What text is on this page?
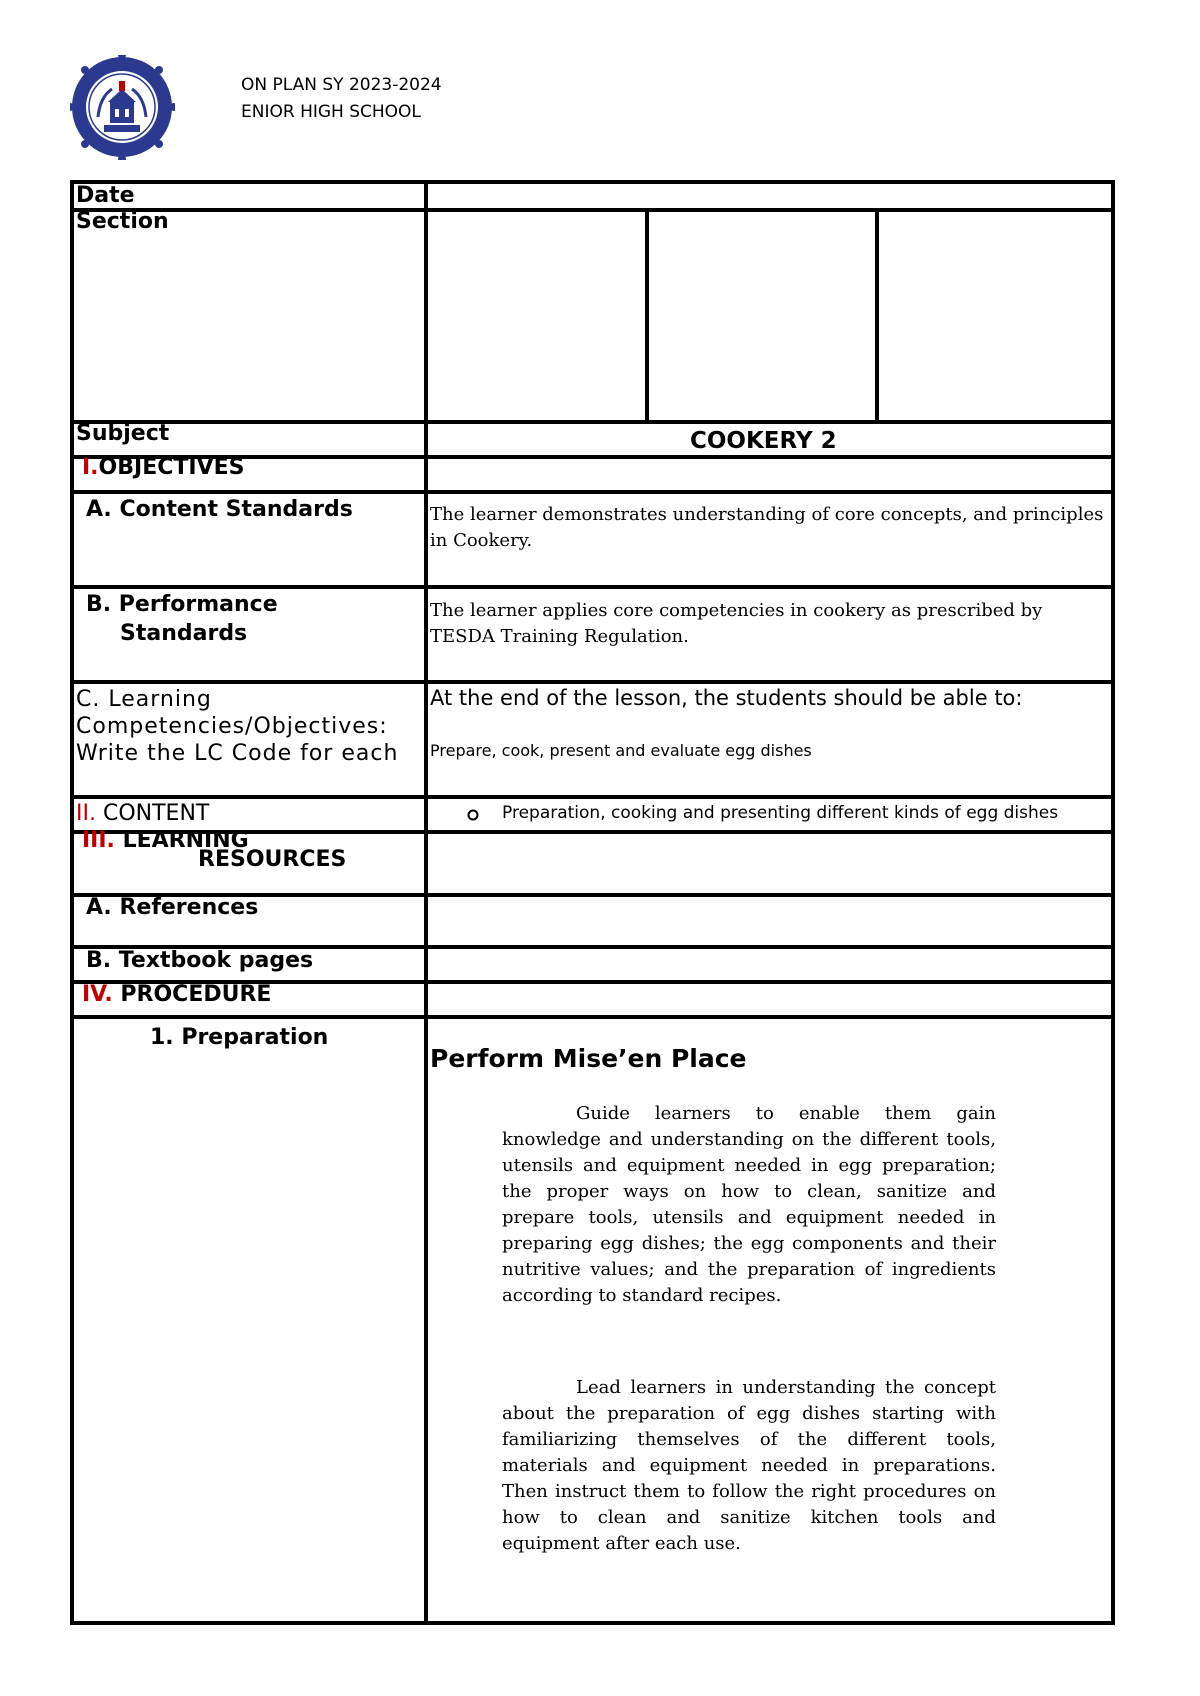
ON PLAN SY 2023-2024
ENIOR HIGH SCHOOL
Date
Section
Subject
I.OBJECTIVES
A. Content Standards
B. Performance
Standards
C. Learning
Competencies/Objectives:
Write the LC Code for each
II. CONTENT
III. LEARNING
RESOURCES
A. References
B. Textbook pages
IV. PROCEDURE
1. Preparation
COOKERY 2
The learner demonstrates understanding of core concepts, and principles in Cookery.
The learner applies core competencies in cookery as prescribed by TESDA Training Regulation.
At the end of the lesson, the students should be able to:
Prepare, cook, present and evaluate egg dishes
Preparation, cooking and presenting different kinds of egg dishes
Perform Mise’en Place
Guide learners to enable them gain knowledge and understanding on the different tools, utensils and equipment needed in egg preparation; the proper ways on how to clean, sanitize and prepare tools, utensils and equipment needed in preparing egg dishes; the egg components and their nutritive values; and the preparation of ingredients according to standard recipes.
Lead learners in understanding the concept about the preparation of egg dishes starting with familiarizing themselves of the different tools, materials and equipment needed in preparations. Then instruct them to follow the right procedures on how to clean and sanitize kitchen tools and equipment after each use.
